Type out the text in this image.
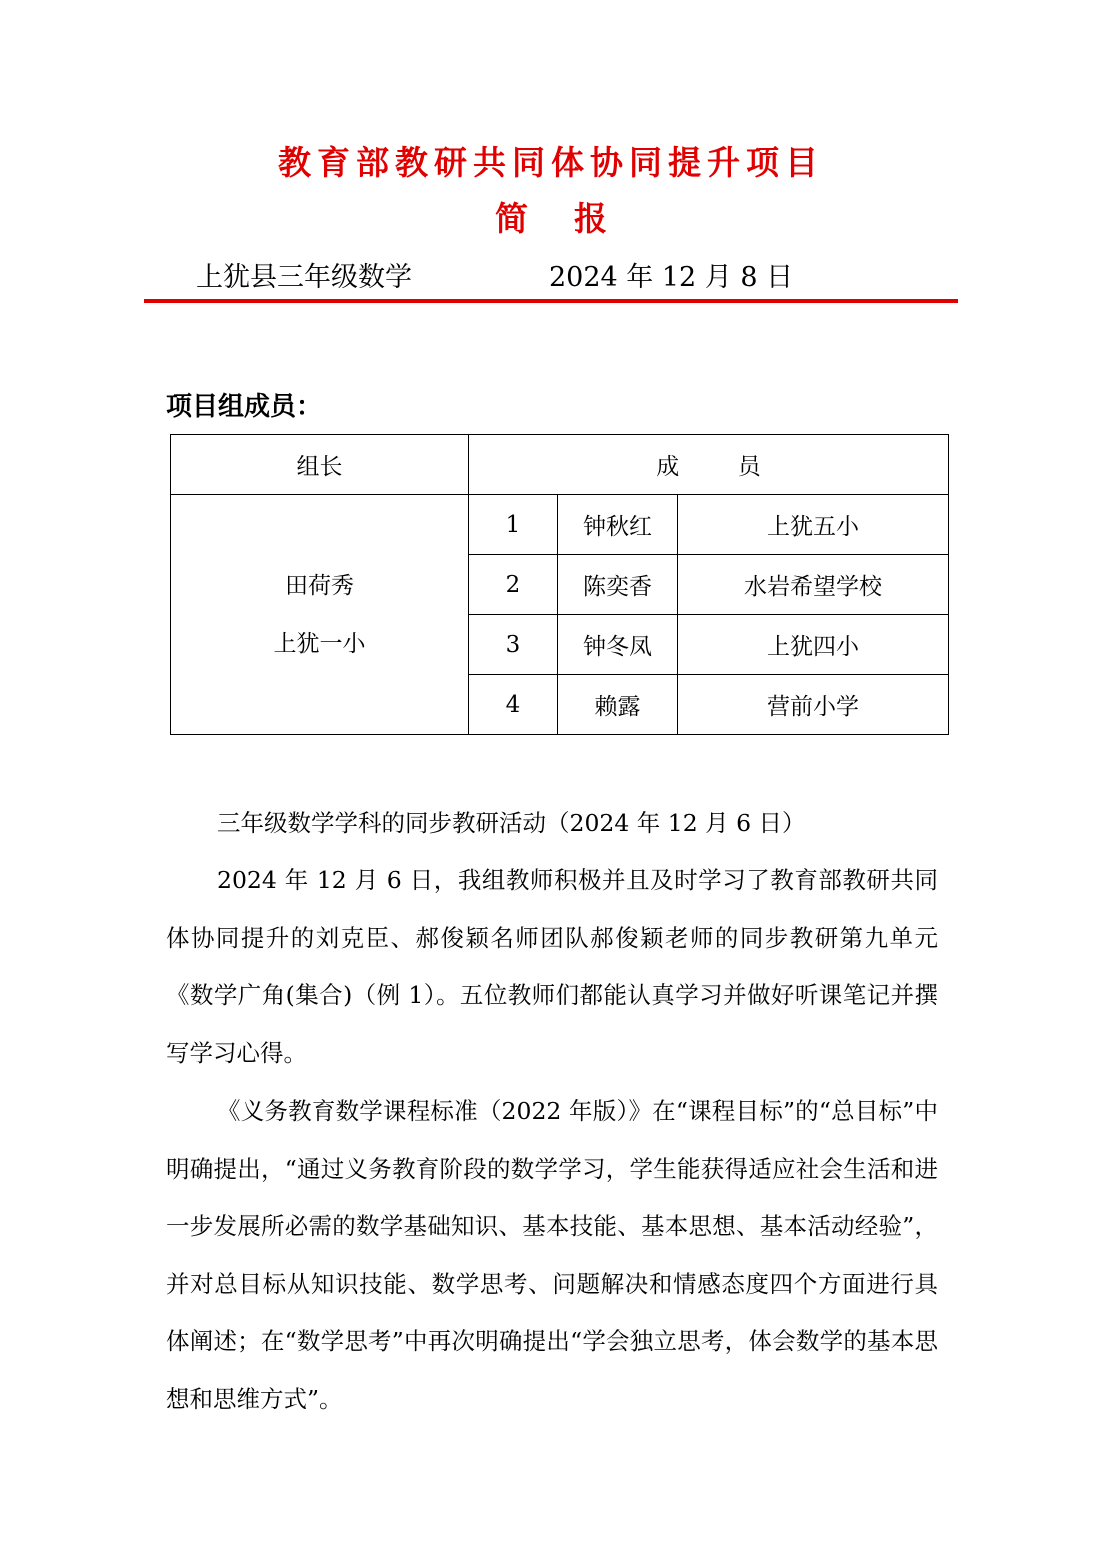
教育部教研共同体协同提升项目
简 报
上犹县三年级数学	2024 年 12 月 8 日
项目组成员：
组长	成        员		

田荷秀
上犹一小	1	钟秋红	上犹五小
	2	陈奕香	水岩希望学校
	3	钟冬凤	上犹四小
	4	赖露	营前小学
三年级数学学科的同步教研活动（2024 年 12 月 6 日）
2024 年 12 月 6 日，我组教师积极并且及时学习了教育部教研共同体协同提升的刘克臣、郝俊颖名师团队郝俊颖老师的同步教研第九单元《数学广角(集合)（例 1）。五位教师们都能认真学习并做好听课笔记并撰写学习心得。
《义务教育数学课程标准（2022 年版）》在“课程目标”的“总目标”中明确提出，“通过义务教育阶段的数学学习，学生能获得适应社会生活和进一步发展所必需的数学基础知识、基本技能、基本思想、基本活动经验”，并对总目标从知识技能、数学思考、问题解决和情感态度四个方面进行具体阐述；在“数学思考”中再次明确提出“学会独立思考，体会数学的基本思想和思维方式”。
